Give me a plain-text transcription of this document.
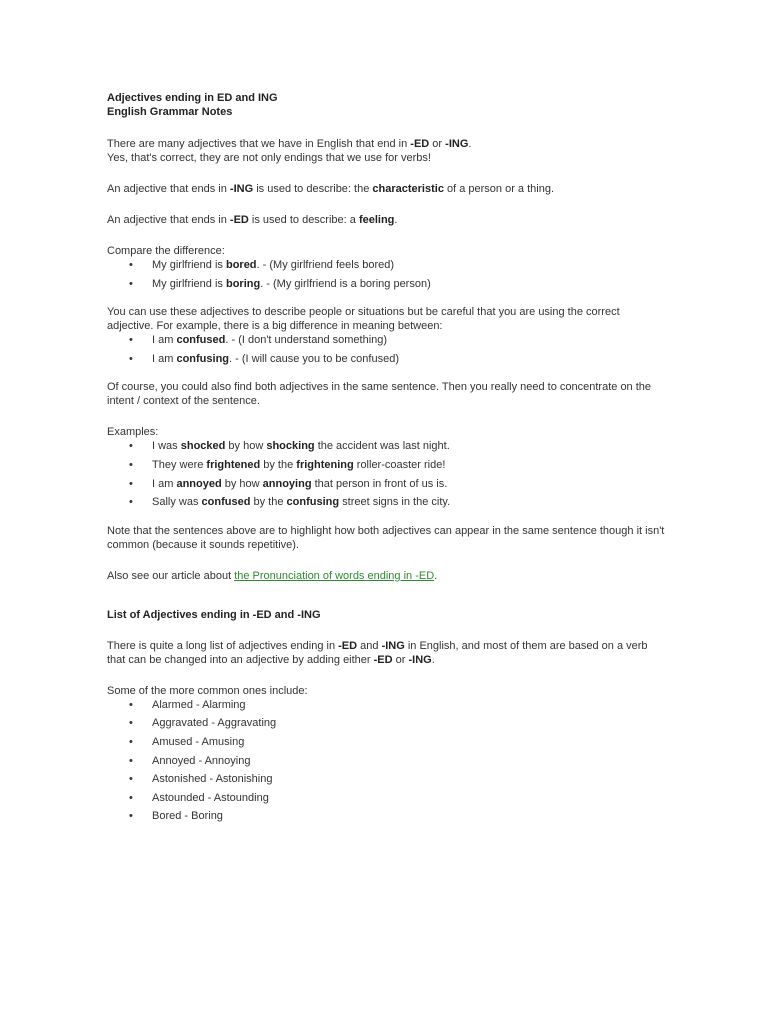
Adjectives ending in ED and ING
English Grammar Notes

There are many adjectives that we have in English that end in -ED or -ING.
Yes, that's correct, they are not only endings that we use for verbs!

An adjective that ends in -ING is used to describe: the characteristic of a person or a thing.

An adjective that ends in -ED is used to describe: a feeling.

Compare the difference:

• My girlfriend is bored. - (My girlfriend feels bored)
• My girlfriend is boring. - (My girlfriend is a boring person)

You can use these adjectives to describe people or situations but be careful that you are using the correct adjective. For example, there is a big difference in meaning between:

• I am confused. - (I don't understand something)
• I am confusing. - (I will cause you to be confused)

Of course, you could also find both adjectives in the same sentence. Then you really need to concentrate on the intent / context of the sentence.

Examples:

• I was shocked by how shocking the accident was last night.
• They were frightened by the frightening roller-coaster ride!
• I am annoyed by how annoying that person in front of us is.
• Sally was confused by the confusing street signs in the city.

Note that the sentences above are to highlight how both adjectives can appear in the same sentence though it isn't common (because it sounds repetitive).

Also see our article about the Pronunciation of words ending in -ED.

List of Adjectives ending in -ED and -ING

There is quite a long list of adjectives ending in -ED and -ING in English, and most of them are based on a verb that can be changed into an adjective by adding either -ED or -ING.

Some of the more common ones include:

• Alarmed - Alarming
• Aggravated - Aggravating
• Amused - Amusing
• Annoyed - Annoying
• Astonished - Astonishing
• Astounded - Astounding
• Bored - Boring
